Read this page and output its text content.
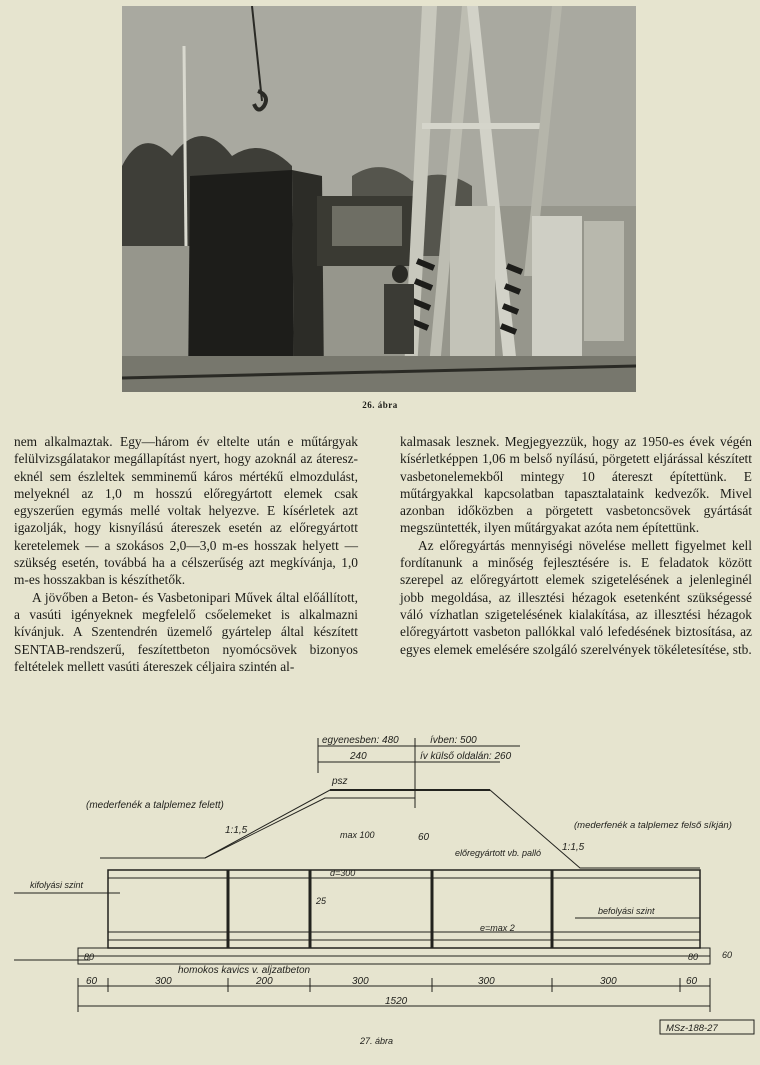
26. ábra

nem alkalmaztak. Egy—három év eltelte után e műtárgyak felülvizsgálatakor megállapítást nyert, hogy azoknál az átereszeknél sem észleltek semminemű káros mértékű elmozdulást, melyeknél az 1,0 m hosszú előregyártott elemek csak egyszerűen egymás mellé voltak helyezve. E kísérletek azt igazolják, hogy kisnyílású átereszek esetén az előregyártott keretelemek — a szokásos 2,0—3,0 m-es hosszak helyett — szükség esetén, továbbá ha a célszerűség azt megkívánja, 1,0 m-es hosszakban is készíthetők.

A jövőben a Beton- és Vasbetonipari Művek által előállított, a vasúti igényeknek megfelelő csőelemeket is alkalmazni kívánjuk. A Szentendrén üzemelő gyártelep által készített SENTAB-rendszerű, feszítettbeton nyomócsövek bizonyos feltételek mellett vasúti átereszek céljaira szintén al-

kalmasak lesznek. Megjegyezzük, hogy az 1950-es évek végén kísérletképpen 1,06 m belső nyílású, pörgetett eljárással készített vasbetonelemekből mintegy 10 átereszt építettünk. E műtárgyakkal kapcsolatban tapasztalataink kedvezők. Mivel azonban időközben a pörgetett vasbetoncsövek gyártását megszüntették, ilyen műtárgyakat azóta nem építettünk.

Az előregyártás mennyiségi növelése mellett figyelmet kell fordítanunk a minőség fejlesztésére is. E feladatok között szerepel az előregyártott elemek szigetelésének a jelenleginél jobb megoldása, az illesztési hézagok esetenként szükségessé váló vízhatlan szigetelésének kialakítása, az illesztési hézagok előregyártott vasbeton pallókkal való lefedésének biztosítása, az egyes elemek emelésére szolgáló szerelvények tökéletesítése, stb.

egyenesben: 480	ívben: 500
240	ív külső oldalán: 260
psz
(mederfenék a talplemez felett)
(mederfenék a talplemez felső síkján)
1:1,5
1:1,5
max 100	60
előregyártott vb. palló
d=300
25
e=max 2
kifolyási szint
befolyási szint
80	80	60
homokos kavics v. aljzatbeton
60	300	200	300	300	300	60
1520
MSz-188-27
27. ábra
